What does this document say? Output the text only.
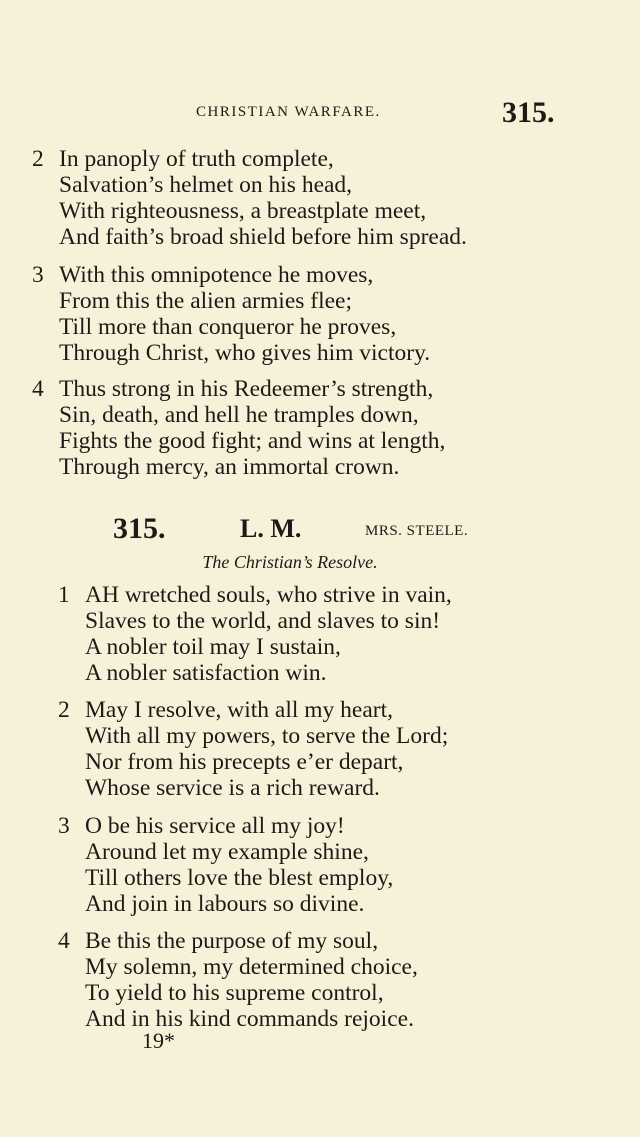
CHRISTIAN WARFARE.	315.
2 In panoply of truth complete,
Salvation’s helmet on his head,
With righteousness, a breastplate meet,
And faith’s broad shield before him spread.
3 With this omnipotence he moves,
From this the alien armies flee;
Till more than conqueror he proves,
Through Christ, who gives him victory.
4 Thus strong in his Redeemer’s strength,
Sin, death, and hell he tramples down,
Fights the good fight; and wins at length,
Through mercy, an immortal crown.
315.	L. M.	MRS. STEELE.
The Christian’s Resolve.
1 AH wretched souls, who strive in vain,
Slaves to the world, and slaves to sin!
A nobler toil may I sustain,
A nobler satisfaction win.
2 May I resolve, with all my heart,
With all my powers, to serve the Lord;
Nor from his precepts e’er depart,
Whose service is a rich reward.
3 O be his service all my joy!
Around let my example shine,
Till others love the blest employ,
And join in labours so divine.
4 Be this the purpose of my soul,
My solemn, my determined choice,
To yield to his supreme control,
And in his kind commands rejoice.
19*
